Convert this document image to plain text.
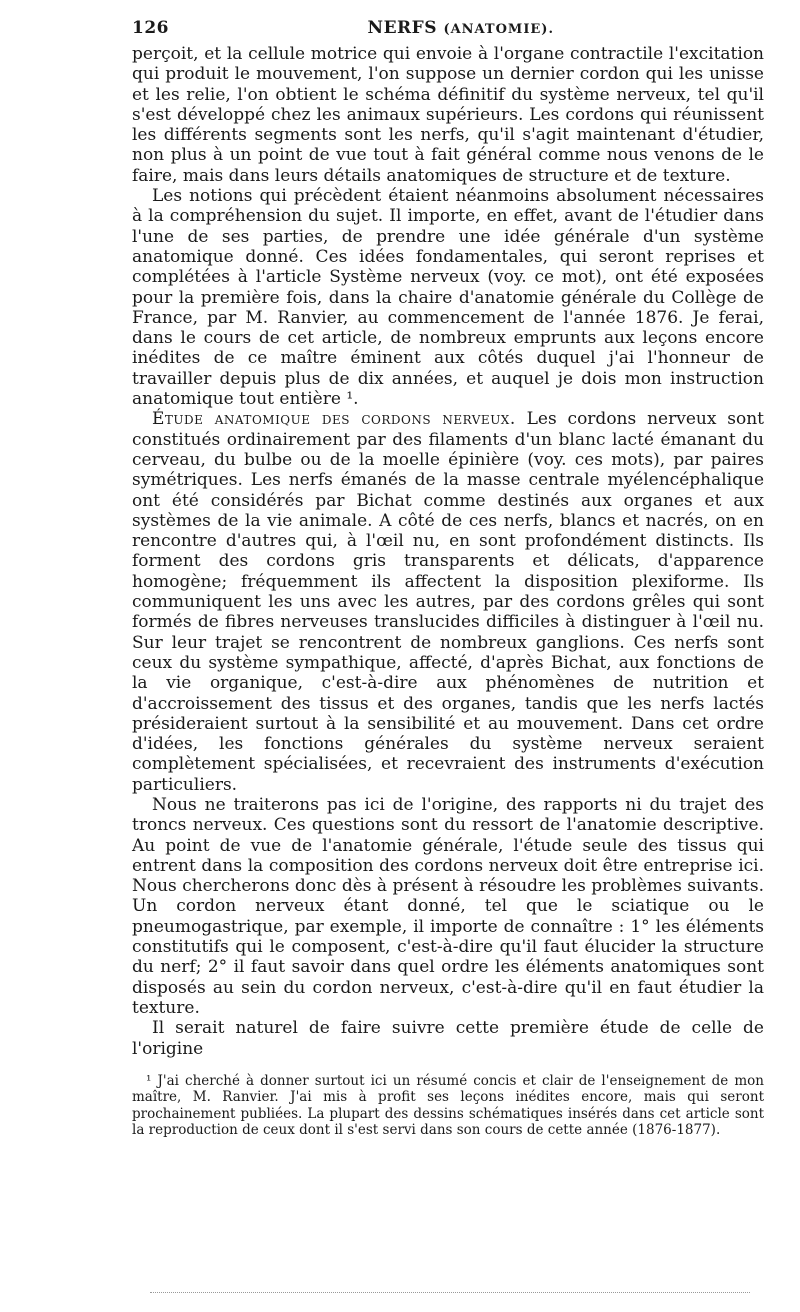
126	NERFS (ANATOMIE).

perçoit, et la cellule motrice qui envoie à l'organe contractile l'excitation qui produit le mouvement, l'on suppose un dernier cordon qui les unisse et les relie, l'on obtient le schéma définitif du système nerveux, tel qu'il s'est développé chez les animaux supérieurs. Les cordons qui réunissent les différents segments sont les nerfs, qu'il s'agit maintenant d'étudier, non plus à un point de vue tout à fait général comme nous venons de le faire, mais dans leurs détails anatomiques de structure et de texture.

Les notions qui précèdent étaient néanmoins absolument nécessaires à la compréhension du sujet. Il importe, en effet, avant de l'étudier dans l'une de ses parties, de prendre une idée générale d'un système anatomique donné. Ces idées fondamentales, qui seront reprises et complétées à l'article Système nerveux (voy. ce mot), ont été exposées pour la première fois, dans la chaire d'anatomie générale du Collège de France, par M. Ranvier, au commencement de l'année 1876. Je ferai, dans le cours de cet article, de nombreux emprunts aux leçons encore inédites de ce maître éminent aux côtés duquel j'ai l'honneur de travailler depuis plus de dix années, et auquel je dois mon instruction anatomique tout entière ¹.

Étude anatomique des cordons nerveux. Les cordons nerveux sont constitués ordinairement par des filaments d'un blanc lacté émanant du cerveau, du bulbe ou de la moelle épinière (voy. ces mots), par paires symétriques. Les nerfs émanés de la masse centrale myélencéphalique ont été considérés par Bichat comme destinés aux organes et aux systèmes de la vie animale. A côté de ces nerfs, blancs et nacrés, on en rencontre d'autres qui, à l'œil nu, en sont profondément distincts. Ils forment des cordons gris transparents et délicats, d'apparence homogène; fréquemment ils affectent la disposition plexiforme. Ils communiquent les uns avec les autres, par des cordons grêles qui sont formés de fibres nerveuses translucides difficiles à distinguer à l'œil nu. Sur leur trajet se rencontrent de nombreux ganglions. Ces nerfs sont ceux du système sympathique, affecté, d'après Bichat, aux fonctions de la vie organique, c'est-à-dire aux phénomènes de nutrition et d'accroissement des tissus et des organes, tandis que les nerfs lactés présideraient surtout à la sensibilité et au mouvement. Dans cet ordre d'idées, les fonctions générales du système nerveux seraient complètement spécialisées, et recevraient des instruments d'exécution particuliers.

Nous ne traiterons pas ici de l'origine, des rapports ni du trajet des troncs nerveux. Ces questions sont du ressort de l'anatomie descriptive. Au point de vue de l'anatomie générale, l'étude seule des tissus qui entrent dans la composition des cordons nerveux doit être entreprise ici. Nous chercherons donc dès à présent à résoudre les problèmes suivants. Un cordon nerveux étant donné, tel que le sciatique ou le pneumogastrique, par exemple, il importe de connaître : 1° les éléments constitutifs qui le composent, c'est-à-dire qu'il faut élucider la structure du nerf; 2° il faut savoir dans quel ordre les éléments anatomiques sont disposés au sein du cordon nerveux, c'est-à-dire qu'il en faut étudier la texture.

Il serait naturel de faire suivre cette première étude de celle de l'origine

¹ J'ai cherché à donner surtout ici un résumé concis et clair de l'enseignement de mon maître, M. Ranvier. J'ai mis à profit ses leçons inédites encore, mais qui seront prochainement publiées. La plupart des dessins schématiques insérés dans cet article sont la reproduction de ceux dont il s'est servi dans son cours de cette année (1876-1877).
